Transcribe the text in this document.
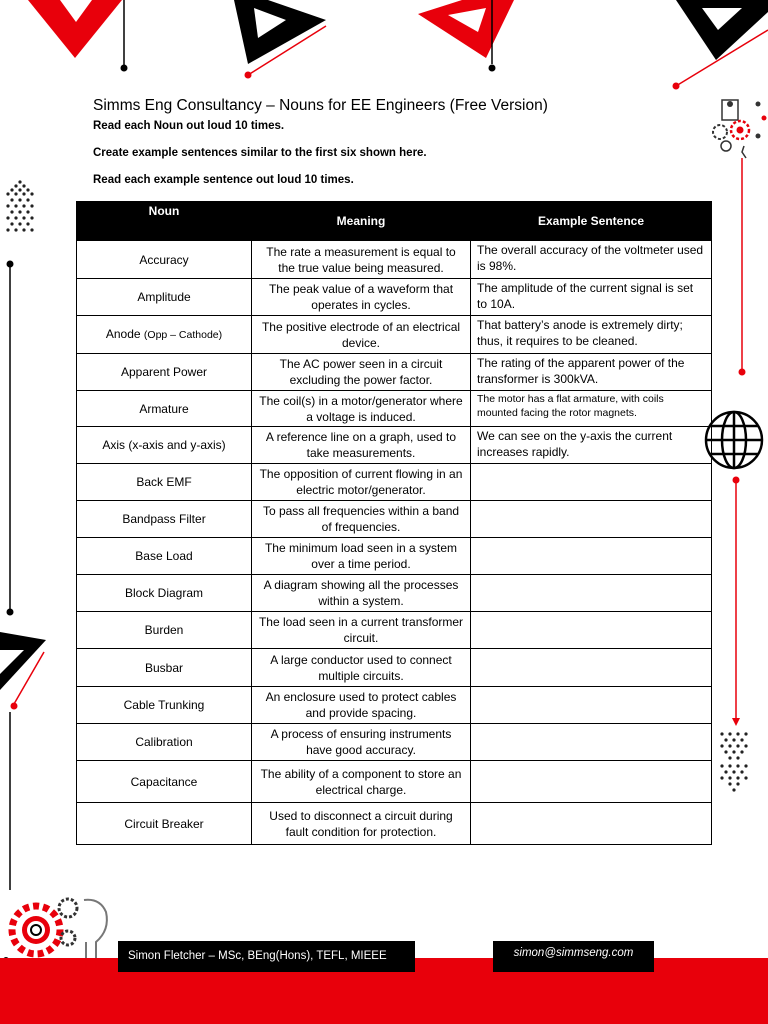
Simms Eng Consultancy – Nouns for EE Engineers (Free Version)
Read each Noun out loud 10 times.
Create example sentences similar to the first six shown here.
Read each example sentence out loud 10 times.
Noun	Meaning	Example Sentence
Accuracy	The rate a measurement is equal to the true value being measured.	The overall accuracy of the voltmeter used is 98%.
Amplitude	The peak value of a waveform that operates in cycles.	The amplitude of the current signal is set to 10A.
Anode (Opp – Cathode)	The positive electrode of an electrical device.	That battery’s anode is extremely dirty; thus, it requires to be cleaned.
Apparent Power	The AC power seen in a circuit excluding the power factor.	The rating of the apparent power of the transformer is 300kVA.
Armature	The coil(s) in a motor/generator where a voltage is induced.	The motor has a flat armature, with coils mounted facing the rotor magnets.
Axis (x-axis and y-axis)	A reference line on a graph, used to take measurements.	We can see on the y-axis the current increases rapidly.
Back EMF	The opposition of current flowing in an electric motor/generator.	
Bandpass Filter	To pass all frequencies within a band of frequencies.	
Base Load	The minimum load seen in a system over a time period.	
Block Diagram	A diagram showing all the processes within a system.	
Burden	The load seen in a current transformer circuit.	
Busbar	A large conductor used to connect multiple circuits.	
Cable Trunking	An enclosure used to protect cables and provide spacing.	
Calibration	A process of ensuring instruments have good accuracy.	
Capacitance	The ability of a component to store an electrical charge.	
Circuit Breaker	Used to disconnect a circuit during fault condition for protection.	
Simon Fletcher – MSc, BEng(Hons), TEFL, MIEEE	simon@simmseng.com
